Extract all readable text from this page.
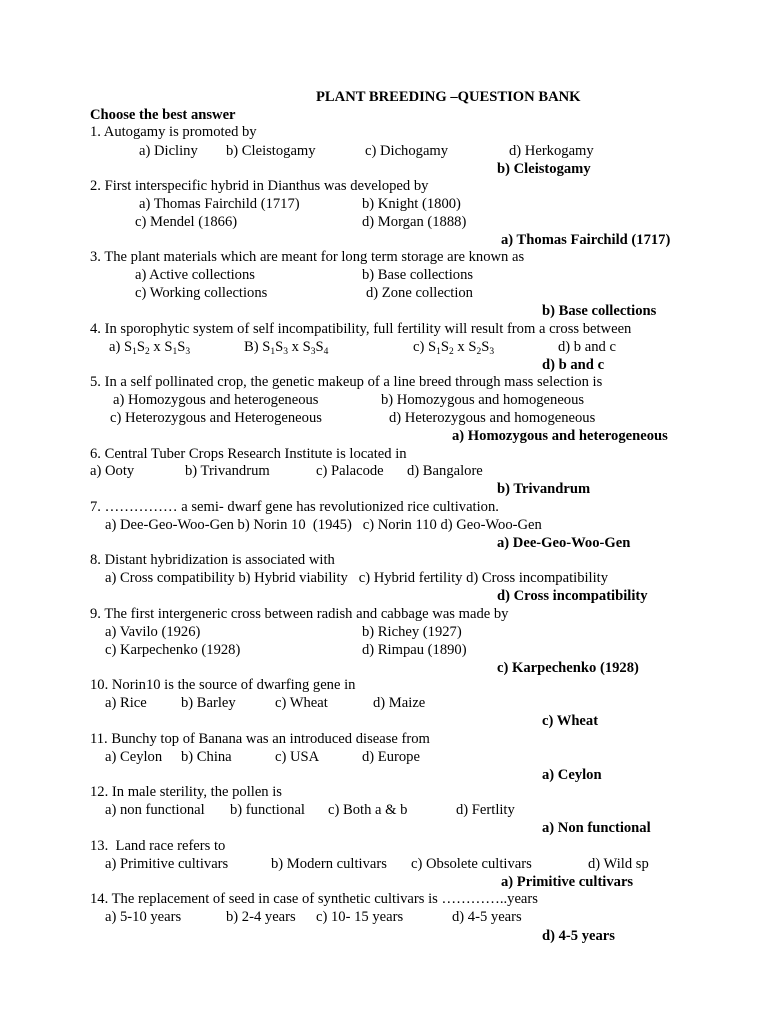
PLANT BREEDING –QUESTION BANK
Choose the best answer
1. Autogamy is promoted by
a) Dicliny b) Cleistogamy	c) Dichogamy	d) Herkogamy
b) Cleistogamy
2. First interspecific hybrid in Dianthus was developed by
a) Thomas Fairchild (1717)	b) Knight (1800)
c) Mendel (1866)	d) Morgan (1888)
a) Thomas Fairchild (1717)
3. The plant materials which are meant for long term storage are known as
a) Active collections	b) Base collections
c) Working collections	d) Zone collection
b) Base collections
4. In sporophytic system of self incompatibility, full fertility will result from a cross between
a) $S_1S_2$ x $S_1S_3$	B) $S_1S_3$ x $S_3S_4$	c) $S_1S_2$ x $S_2S_3$	d) b and c
d) b and c
5. In a self pollinated crop, the genetic makeup of a line breed through mass selection is
a) Homozygous and heterogeneous	b) Homozygous and homogeneous
c) Heterozygous and Heterogeneous	d) Heterozygous and homogeneous
a) Homozygous and heterogeneous
6. Central Tuber Crops Research Institute is located in
a) Ooty	b) Trivandrum	c) Palacode d) Bangalore
b) Trivandrum
7. …………… a semi- dwarf gene has revolutionized rice cultivation.
a) Dee-Geo-Woo-Gen b) Norin 10  (1945)   c) Norin 110 d) Geo-Woo-Gen
a) Dee-Geo-Woo-Gen
8. Distant hybridization is associated with
a) Cross compatibility b) Hybrid viability   c) Hybrid fertility d) Cross incompatibility
d) Cross incompatibility
9. The first intergeneric cross between radish and cabbage was made by
a) Vavilo (1926)	b) Richey (1927)
c) Karpechenko (1928)	d) Rimpau (1890)
c) Karpechenko (1928)
10. Norin10 is the source of dwarfing gene in
a) Rice b) Barley	c) Wheat	d) Maize
c) Wheat
11. Bunchy top of Banana was an introduced disease from
a) Ceylon b) China	c) USA	d) Europe
a) Ceylon
12. In male sterility, the pollen is
a) non functional b) functional c) Both a & b	d) Fertlity
a) Non functional
13.  Land race refers to
a) Primitive cultivars	b) Modern cultivars c) Obsolete cultivars	d) Wild sp
a) Primitive cultivars
14. The replacement of seed in case of synthetic cultivars is …………..years
a) 5-10 years	b) 2-4 years c) 10- 15 years	d) 4-5 years
d) 4-5 years
